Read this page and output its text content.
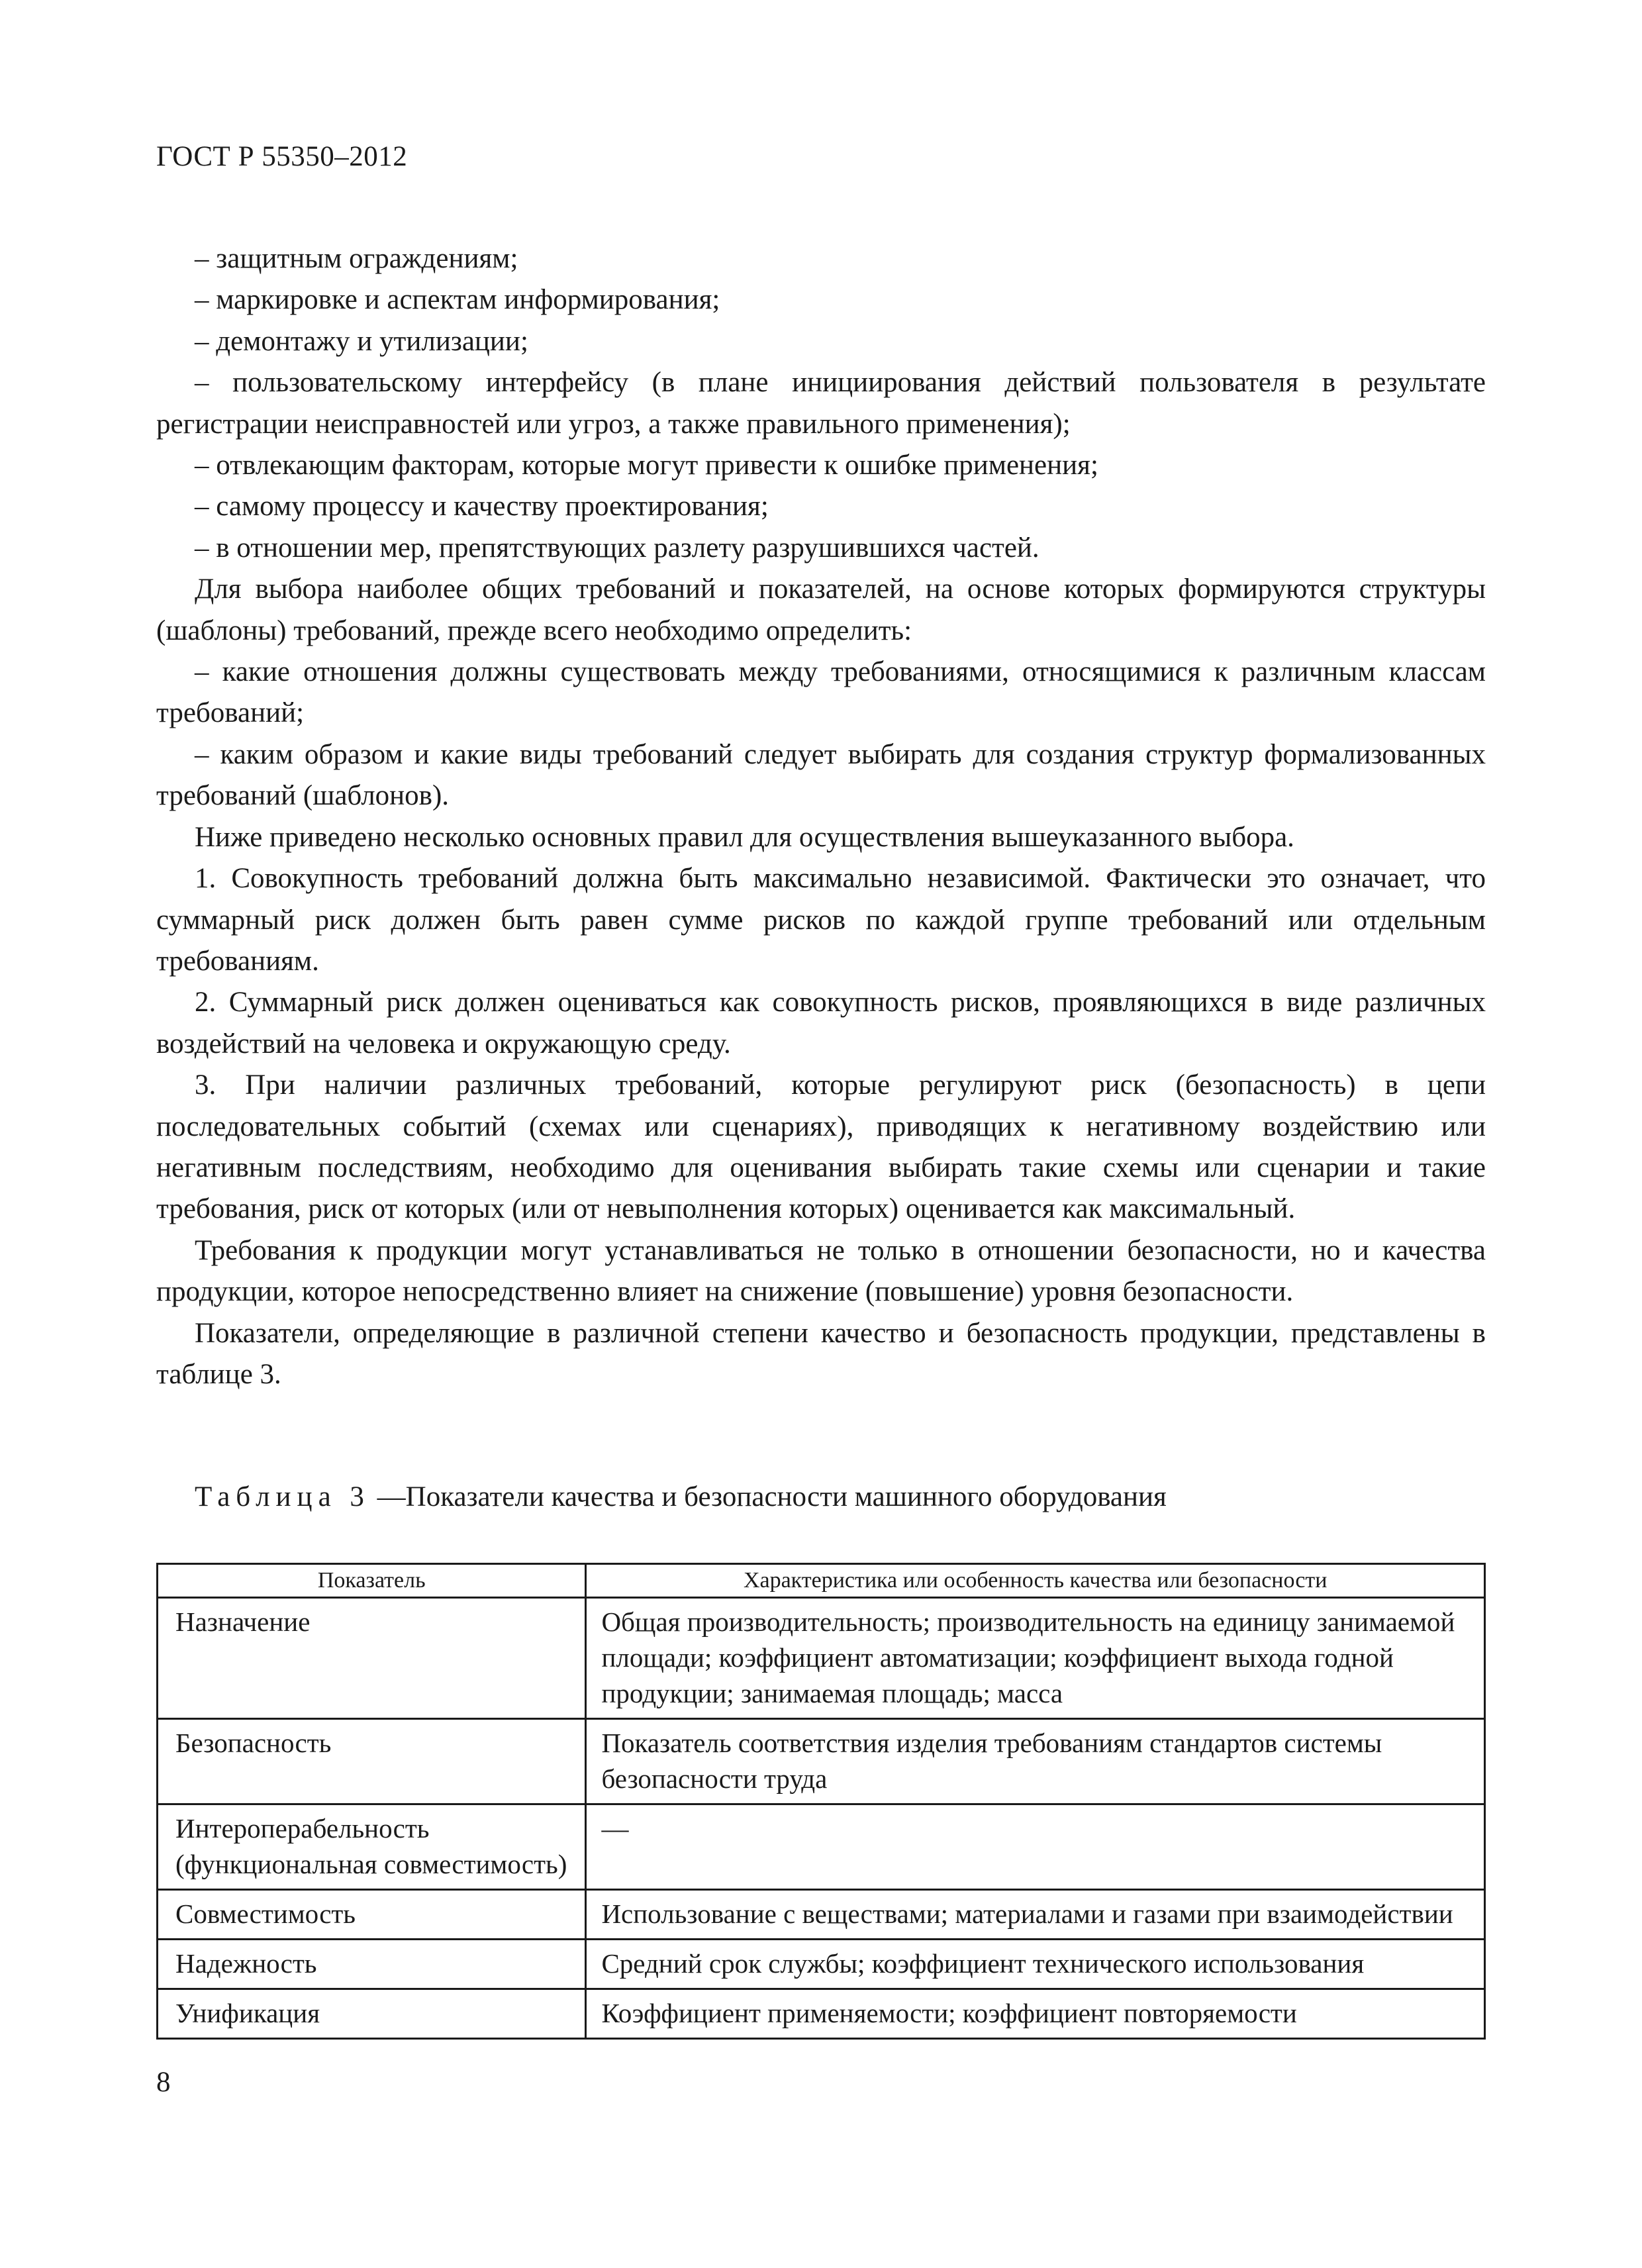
ГОСТ Р 55350–2012

– защитным ограждениям;

– маркировке и аспектам информирования;

– демонтажу и утилизации;

– пользовательскому интерфейсу (в плане инициирования действий пользователя в результате регистрации неисправностей или угроз, а также правильного применения);

– отвлекающим факторам, которые могут привести к ошибке применения;

– самому процессу и качеству проектирования;

– в отношении мер, препятствующих разлету разрушившихся частей.

Для выбора наиболее общих требований и показателей, на основе которых формируются структуры (шаблоны) требований, прежде всего необходимо определить:

– какие отношения должны существовать между требованиями, относящимися к различным классам требований;

– каким образом и какие виды требований следует выбирать для создания структур формализованных требований (шаблонов).

Ниже приведено несколько основных правил для осуществления вышеуказанного выбора.

1. Совокупность требований должна быть максимально независимой. Фактически это означает, что суммарный риск должен быть равен сумме рисков по каждой группе требований или отдельным требованиям.

2. Суммарный риск должен оцениваться как совокупность рисков, проявляющихся в виде различных воздействий на человека и окружающую среду.

3. При наличии различных требований, которые регулируют риск (безопасность) в цепи последовательных событий (схемах или сценариях), приводящих к негативному воздействию или негативным последствиям, необходимо для оценивания выбирать такие схемы или сценарии и такие требования, риск от которых (или от невыполнения которых) оценивается как максимальный.

Требования к продукции могут устанавливаться не только в отношении безопасности, но и качества продукции, которое непосредственно влияет на снижение (повышение) уровня безопасности.

Показатели, определяющие в различной степени качество и безопасность продукции, представлены в таблице 3.

Таблица 3 —Показатели качества и безопасности машинного оборудования
Показатель	Характеристика или особенность качества или безопасности
Назначение	Общая производительность; производительность на единицу занимаемой площади; коэффициент автоматизации; коэффициент выхода годной продукции; занимаемая площадь; масса
Безопасность	Показатель соответствия изделия требованиям стандартов системы безопасности труда
Интероперабельность (функциональная совместимость)	—
Совместимость	Использование с веществами; материалами и газами при взаимодействии
Надежность	Средний срок службы; коэффициент технического использования
Унификация	Коэффициент применяемости; коэффициент повторяемости
8
